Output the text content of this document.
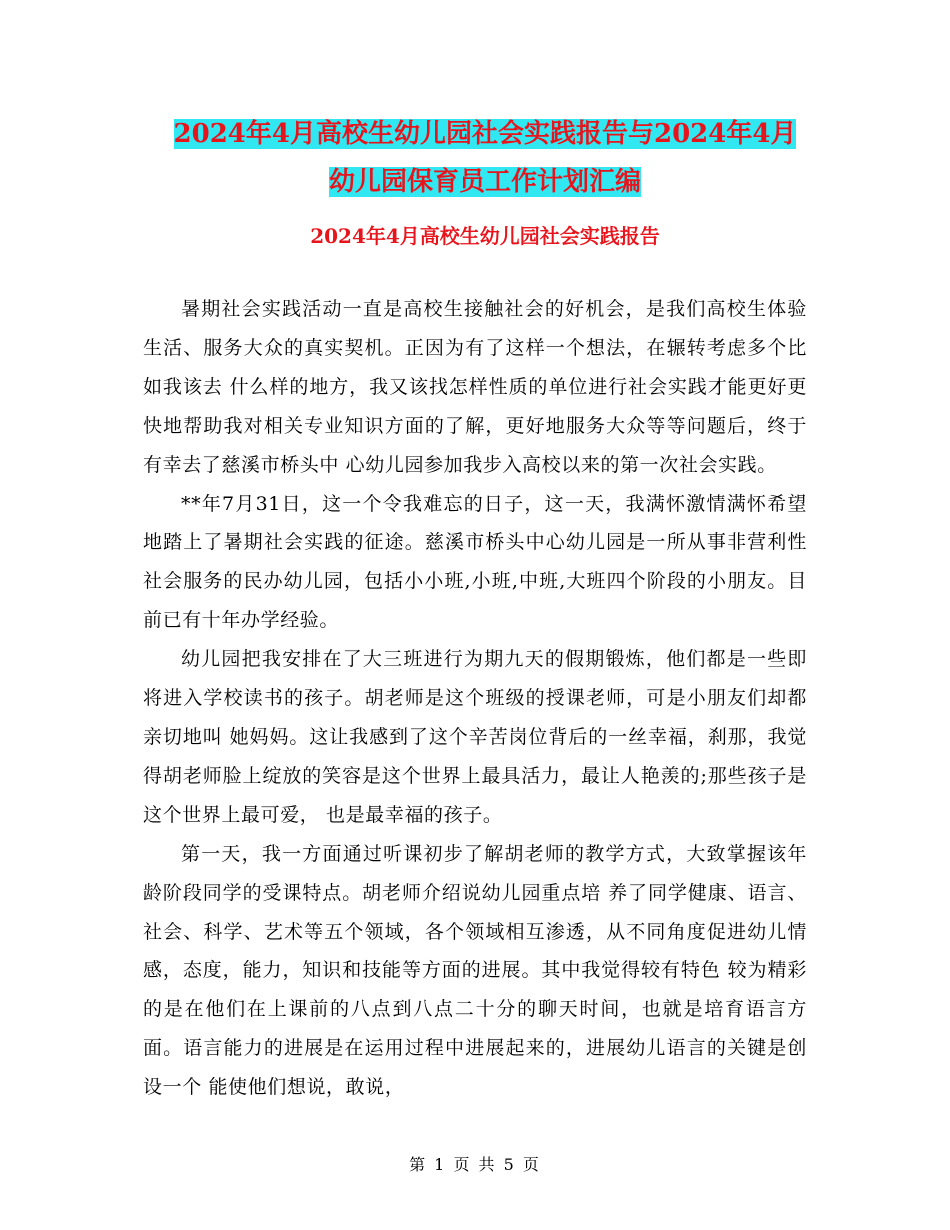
2024年4月高校生幼儿园社会实践报告与2024年4月
幼儿园保育员工作计划汇编
2024年4月高校生幼儿园社会实践报告

暑期社会实践活动一直是高校生接触社会的好机会，是我们高校生体验生活、服务大众的真实契机。正因为有了这样一个想法，在辗转考虑多个比如我该去 什么样的地方，我又该找怎样性质的单位进行社会实践才能更好更快地帮助我对相关专业知识方面的了解，更好地服务大众等等问题后，终于有幸去了慈溪市桥头中 心幼儿园参加我步入高校以来的第一次社会实践。

**年7月31日，这一个令我难忘的日子，这一天，我满怀激情满怀希望地踏上了暑期社会实践的征途。慈溪市桥头中心幼儿园是一所从事非营利性社会服务的民办幼儿园，包括小小班,小班,中班,大班四个阶段的小朋友。目前已有十年办学经验。

幼儿园把我安排在了大三班进行为期九天的假期锻炼，他们都是一些即将进入学校读书的孩子。胡老师是这个班级的授课老师，可是小朋友们却都亲切地叫 她妈妈。这让我感到了这个辛苦岗位背后的一丝幸福，刹那，我觉得胡老师脸上绽放的笑容是这个世界上最具活力，最让人艳羡的;那些孩子是这个世界上最可爱， 也是最幸福的孩子。

第一天，我一方面通过听课初步了解胡老师的教学方式，大致掌握该年龄阶段同学的受课特点。胡老师介绍说幼儿园重点培 养了同学健康、语言、社会、科学、艺术等五个领域，各个领域相互渗透，从不同角度促进幼儿情感，态度，能力，知识和技能等方面的进展。其中我觉得较有特色 较为精彩的是在他们在上课前的八点到八点二十分的聊天时间，也就是培育语言方面。语言能力的进展是在运用过程中进展起来的，进展幼儿语言的关键是创设一个 能使他们想说，敢说，

第 1 页 共 5 页
